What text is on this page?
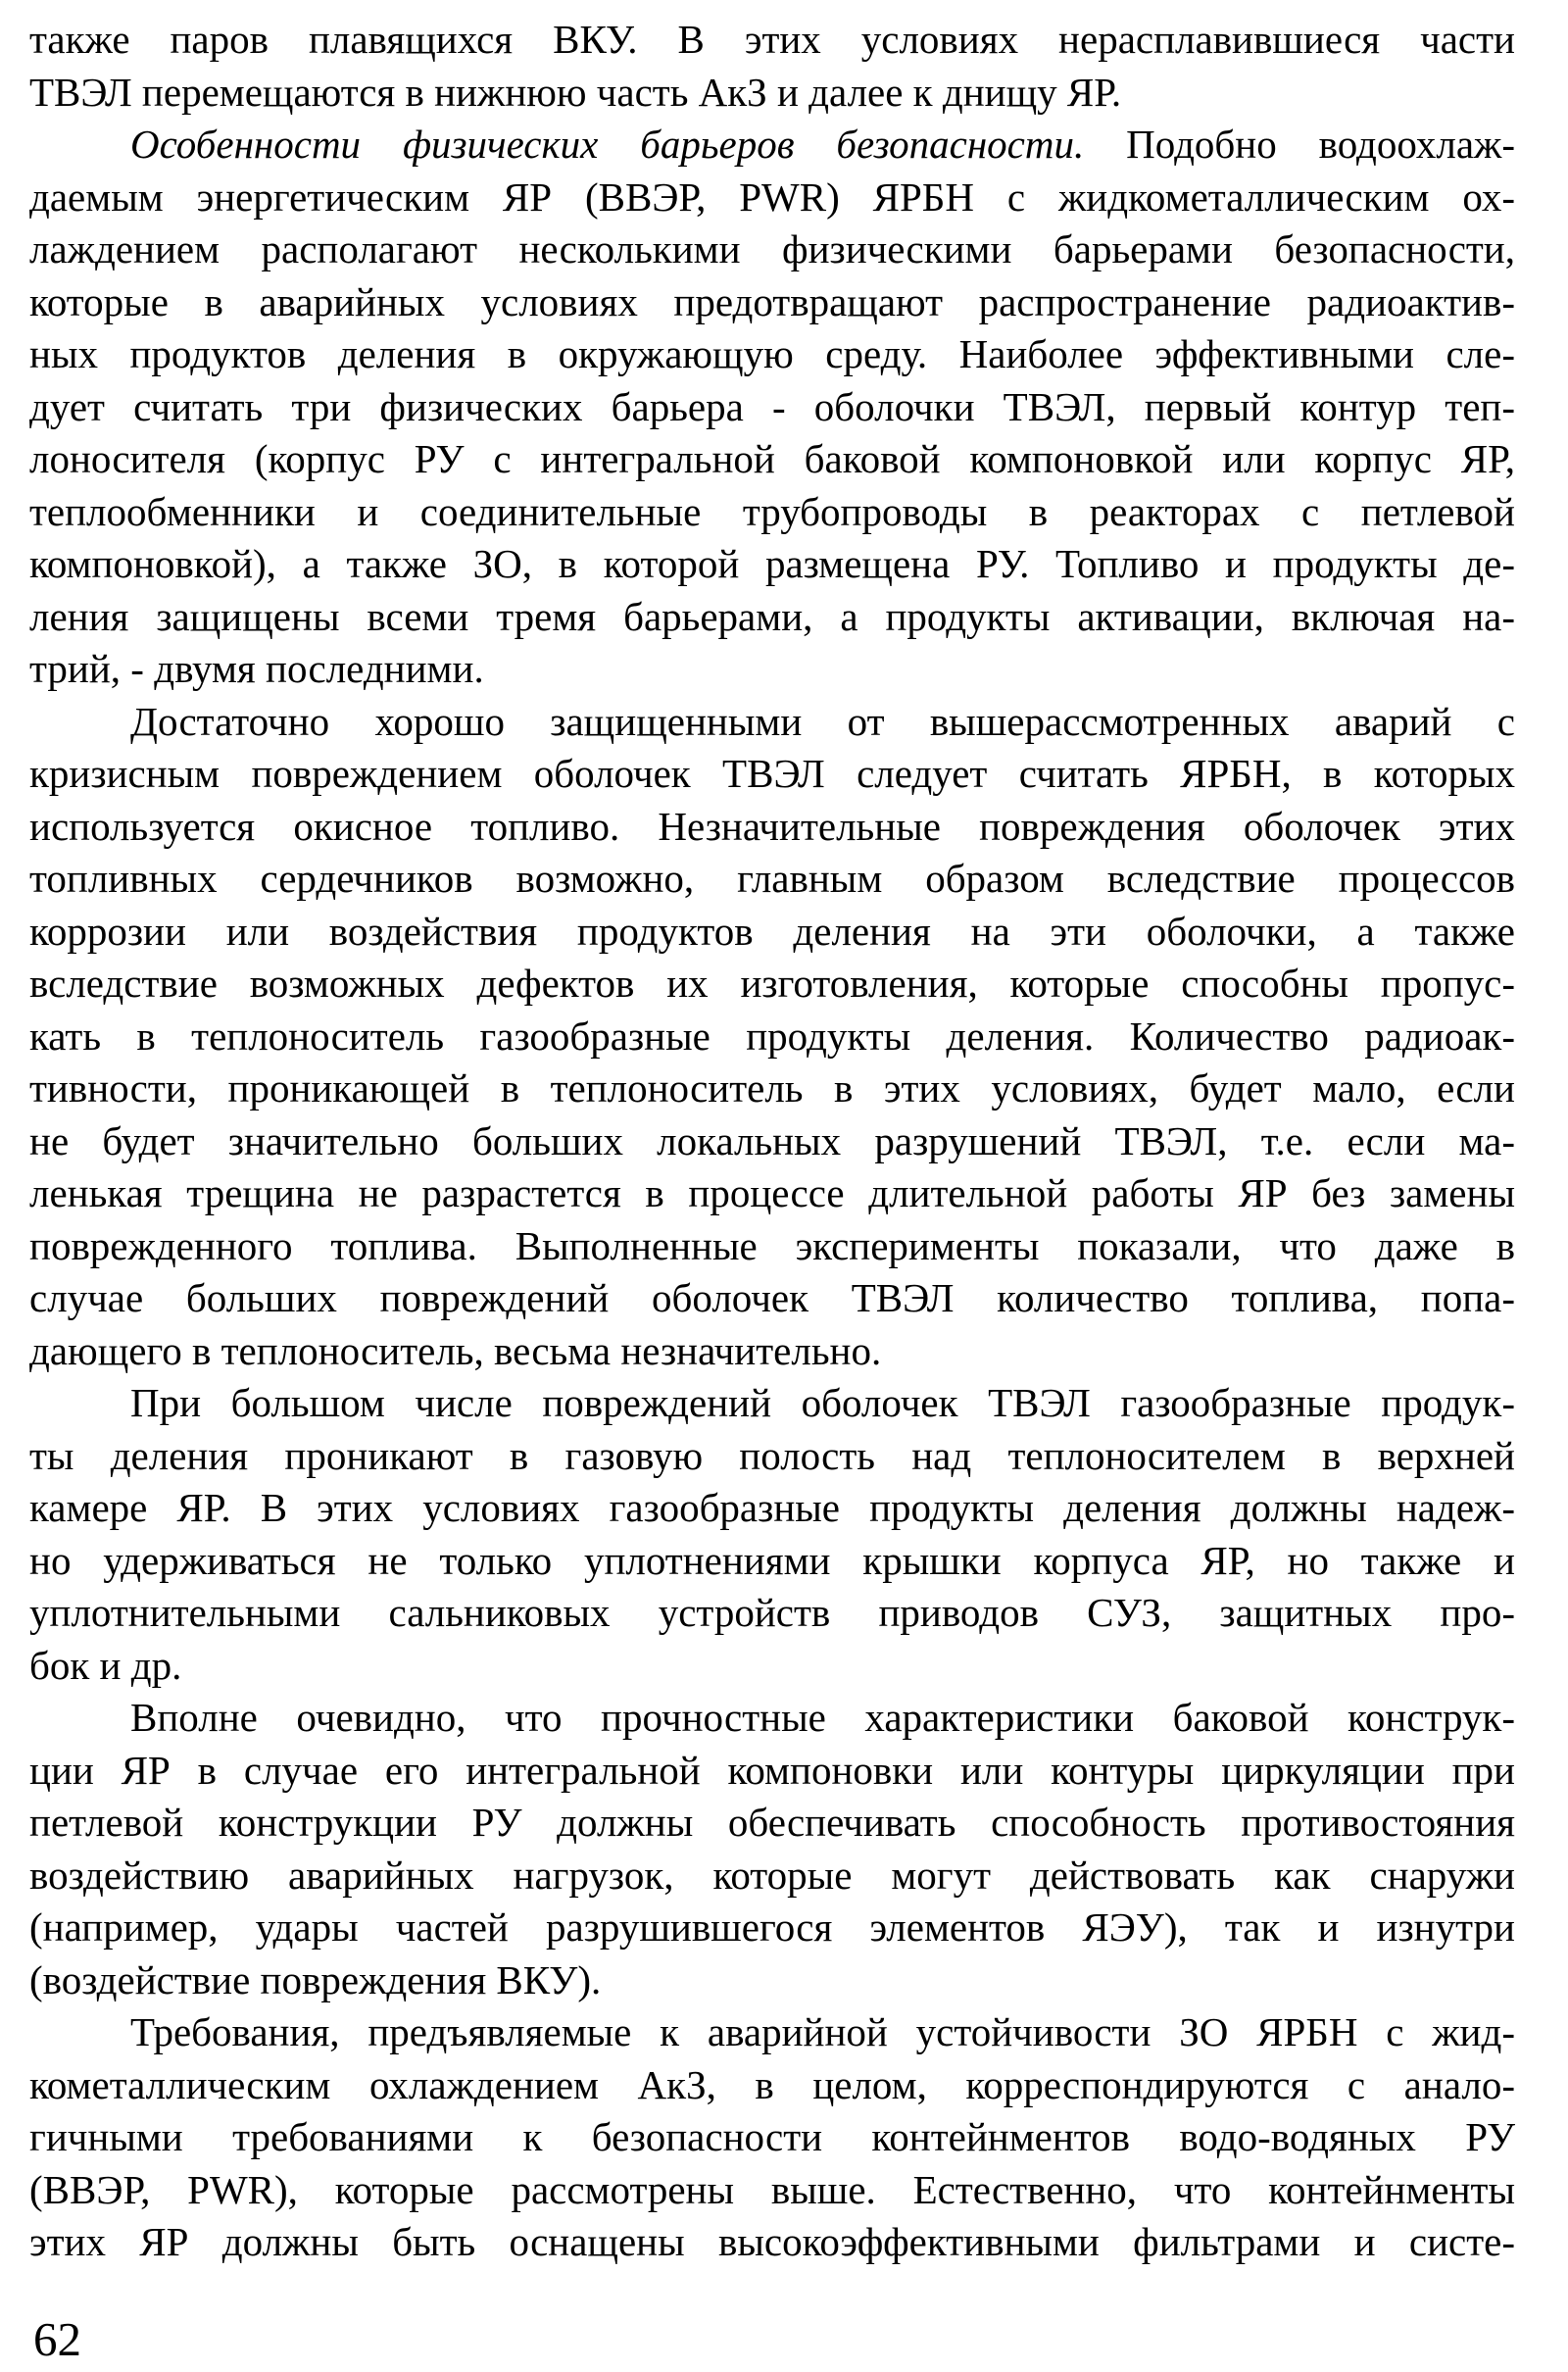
также паров плавящихся ВКУ. В этих условиях нерасплавившиеся части
ТВЭЛ перемещаются в нижнюю часть АкЗ и далее к днищу ЯР.
Особенности физических барьеров безопасности. Подобно водоохлаж-
даемым энергетическим ЯР (ВВЭР, PWR) ЯРБН с жидкометаллическим ох-
лаждением располагают несколькими физическими барьерами безопасности,
которые в аварийных условиях предотвращают распространение радиоактив-
ных продуктов деления в окружающую среду. Наиболее эффективными сле-
дует считать три физических барьера - оболочки ТВЭЛ, первый контур теп-
лоносителя (корпус РУ с интегральной баковой компоновкой или корпус ЯР,
теплообменники и соединительные трубопроводы в реакторах с петлевой
компоновкой), а также ЗО, в которой размещена РУ. Топливо и продукты де-
ления защищены всеми тремя барьерами, а продукты активации, включая на-
трий, - двумя последними.
Достаточно хорошо защищенными от вышерассмотренных аварий с
кризисным повреждением оболочек ТВЭЛ следует считать ЯРБН, в которых
используется окисное топливо. Незначительные повреждения оболочек этих
топливных сердечников возможно, главным образом вследствие процессов
коррозии или воздействия продуктов деления на эти оболочки, а также
вследствие возможных дефектов их изготовления, которые способны пропус-
кать в теплоноситель газообразные продукты деления. Количество радиоак-
тивности, проникающей в теплоноситель в этих условиях, будет мало, если
не будет значительно больших локальных разрушений ТВЭЛ, т.е. если ма-
ленькая трещина не разрастется в процессе длительной работы ЯР без замены
поврежденного топлива. Выполненные эксперименты показали, что даже в
случае больших повреждений оболочек ТВЭЛ количество топлива, попа-
дающего в теплоноситель, весьма незначительно.
При большом числе повреждений оболочек ТВЭЛ газообразные продук-
ты деления проникают в газовую полость над теплоносителем в верхней
камере ЯР. В этих условиях газообразные продукты деления должны надеж-
но удерживаться не только уплотнениями крышки корпуса ЯР, но также и
уплотнительными сальниковых устройств приводов СУЗ, защитных про-
бок и др.
Вполне очевидно, что прочностные характеристики баковой конструк-
ции ЯР в случае его интегральной компоновки или контуры циркуляции при
петлевой конструкции РУ должны обеспечивать способность противостояния
воздействию аварийных нагрузок, которые могут действовать как снаружи
(например, удары частей разрушившегося элементов ЯЭУ), так и изнутри
(воздействие повреждения ВКУ).
Требования, предъявляемые к аварийной устойчивости ЗО ЯРБН с жид-
кометаллическим охлаждением АкЗ, в целом, корреспондируются с анало-
гичными требованиями к безопасности контейнментов водо-водяных РУ
(ВВЭР, PWR), которые рассмотрены выше. Естественно, что контейнменты
этих ЯР должны быть оснащены высокоэффективными фильтрами и систе-
62
